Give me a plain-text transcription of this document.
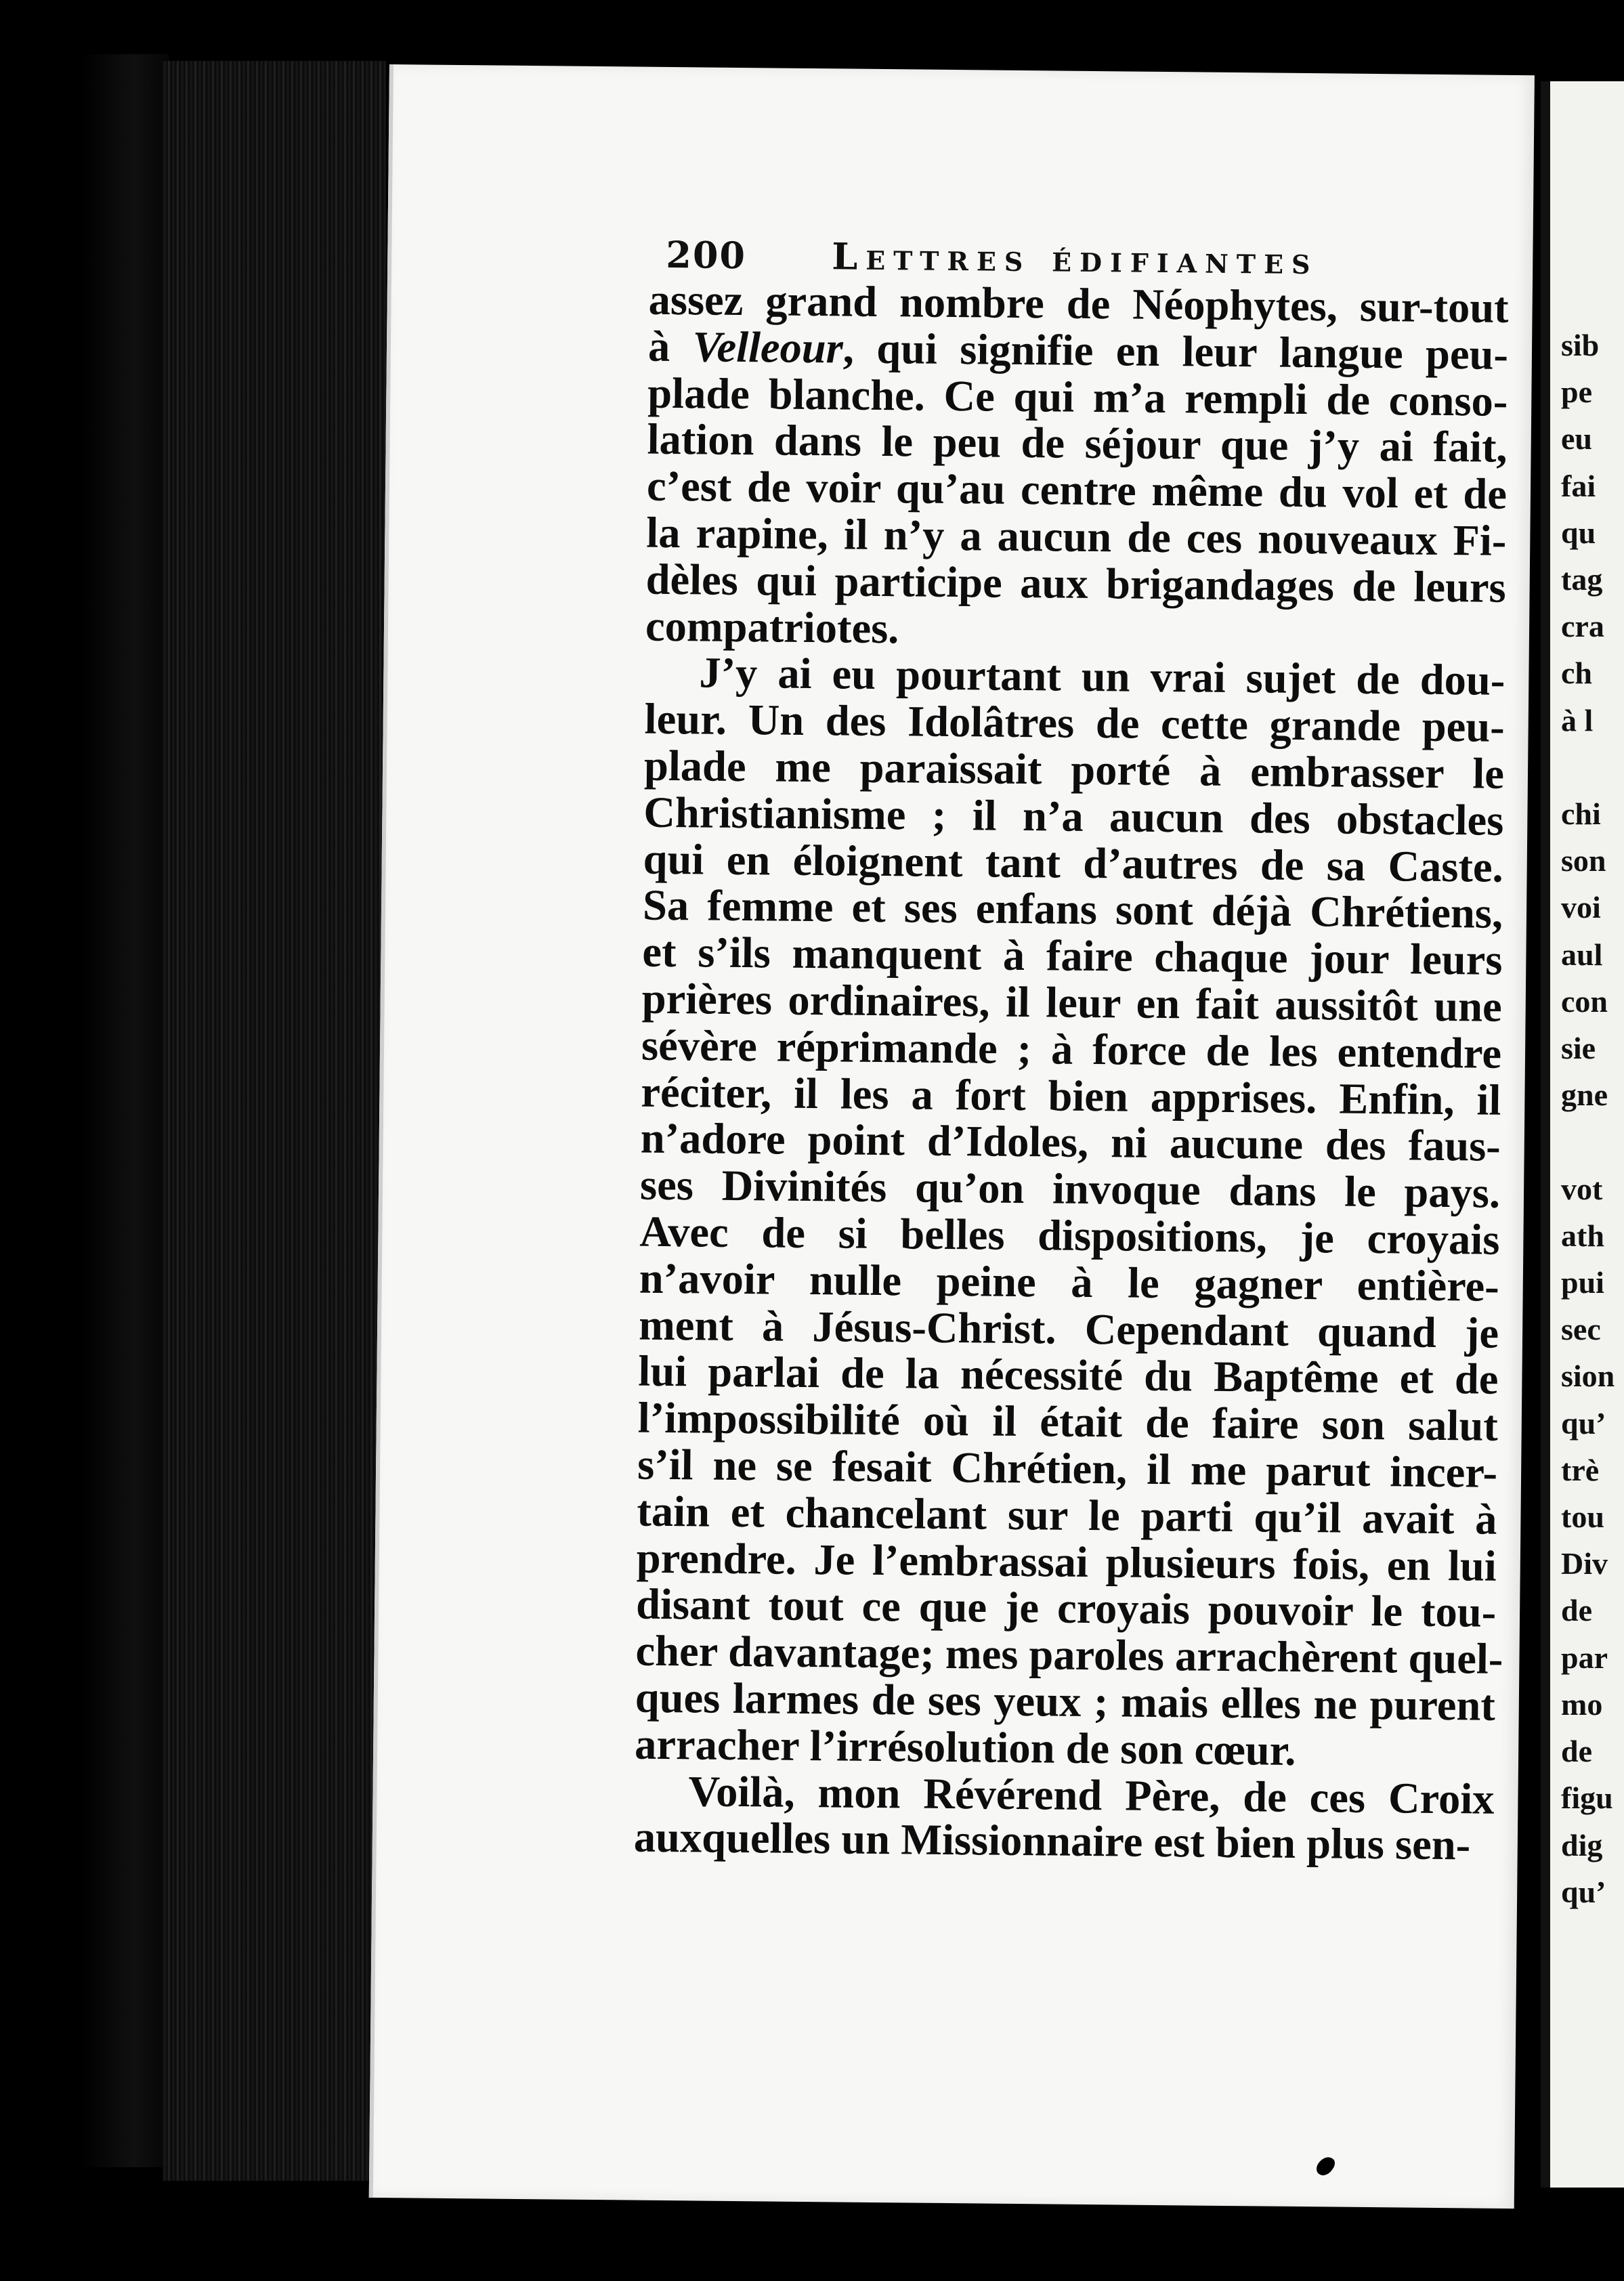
200 Lettres édifiantes
assez grand nombre de Néophytes, sur-tout
à Velleour, qui signifie en leur langue peu-
plade blanche. Ce qui m’a rempli de conso-
lation dans le peu de séjour que j’y ai fait,
c’est de voir qu’au centre même du vol et de
la rapine, il n’y a aucun de ces nouveaux Fi-
dèles qui participe aux brigandages de leurs
compatriotes.
J’y ai eu pourtant un vrai sujet de dou-
leur. Un des Idolâtres de cette grande peu-
plade me paraissait porté à embrasser le
Christianisme ; il n’a aucun des obstacles
qui en éloignent tant d’autres de sa Caste.
Sa femme et ses enfans sont déjà Chrétiens,
et s’ils manquent à faire chaque jour leurs
prières ordinaires, il leur en fait aussitôt une
sévère réprimande ; à force de les entendre
réciter, il les a fort bien apprises. Enfin, il
n’adore point d’Idoles, ni aucune des faus-
ses Divinités qu’on invoque dans le pays.
Avec de si belles dispositions, je croyais
n’avoir nulle peine à le gagner entière-
ment à Jésus-Christ. Cependant quand je
lui parlai de la nécessité du Baptême et de
l’impossibilité où il était de faire son salut
s’il ne se fesait Chrétien, il me parut incer-
tain et chancelant sur le parti qu’il avait à
prendre. Je l’embrassai plusieurs fois, en lui
disant tout ce que je croyais pouvoir le tou-
cher davantage; mes paroles arrachèrent quel-
ques larmes de ses yeux ; mais elles ne purent
arracher l’irrésolution de son cœur.
Voilà, mon Révérend Père, de ces Croix
auxquelles un Missionnaire est bien plus sen-
sib
pe
eu
fai
qu
tag
cra
ch
à l

chi
son
voi
aul
con
sie
gne

vot
ath
pui
sec
sion
qu’
trè
tou
Div
de
par
mo
de
figu
dig
qu’
